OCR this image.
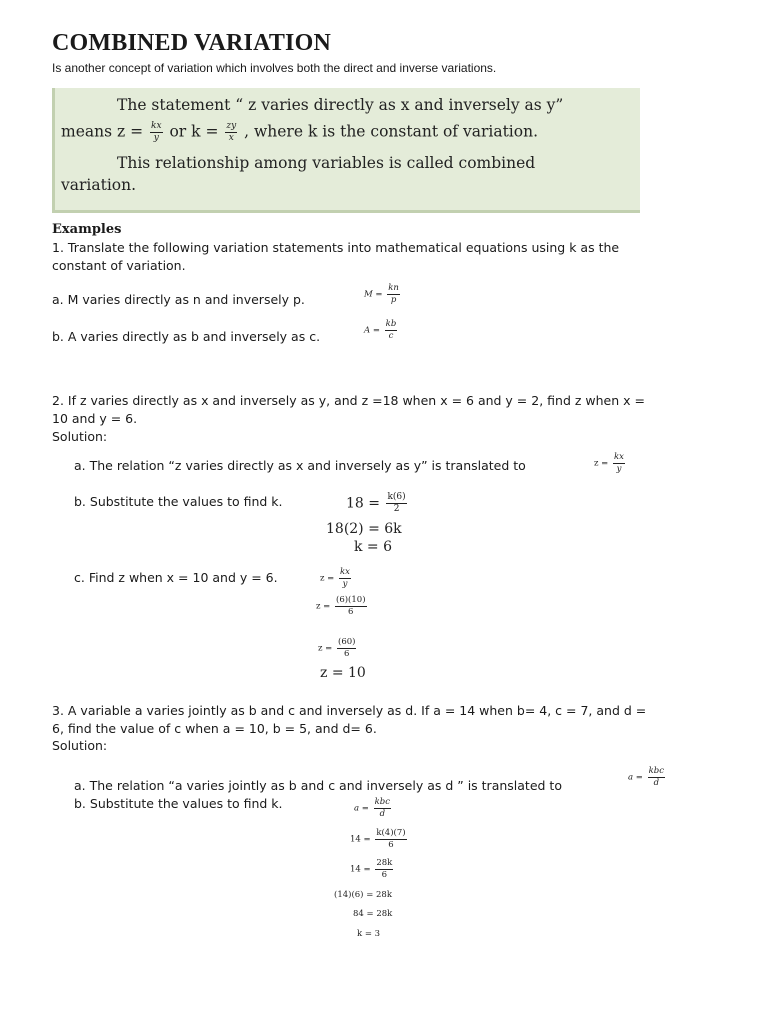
COMBINED VARIATION
Is another concept of variation which involves both the direct and inverse variations.
The statement “ z varies directly as x and inversely as y”
means $z = \frac{kx}{y}$ or $k = \frac{zy}{x}$ , where k is the constant of variation.
This relationship among variables is called combined
variation.
Examples
1. Translate the following variation statements into mathematical equations using k as the
constant of variation.
a. M varies directly as n and inversely p.	$M = \frac{kn}{p}$
b. A varies directly as b and inversely as c.	$A = \frac{kb}{c}$
2. If z varies directly as x and inversely as y, and z =18 when x = 6 and y = 2, find z when x =
10 and y = 6.
Solution:
a. The relation “z varies directly as x and inversely as y” is translated to	$z = \frac{kx}{y}$
b. Substitute the values to find k.	$18 = \frac{k(6)}{2}$
18(2) = 6k
k = 6
c. Find z when x = 10 and y = 6.	$z = \frac{kx}{y}$
$z = \frac{(6)(10)}{6}$
$z = \frac{(60)}{6}$
z = 10
3. A variable a varies jointly as b and c and inversely as d. If a = 14 when b= 4, c = 7, and d =
6, find the value of c when a = 10, b = 5, and d= 6.
Solution:
a. The relation “a varies jointly as b and c and inversely as d ” is translated to
$a = \frac{\text{kbc}}{d}$
b. Substitute the values to find k.	$a = \frac{\text{kbc}}{d}$
$14 = \frac{k(4)(7)}{6}$
$14 = \frac{28k}{6}$
(14)(6) = 28k
84 = 28k
k = 3
